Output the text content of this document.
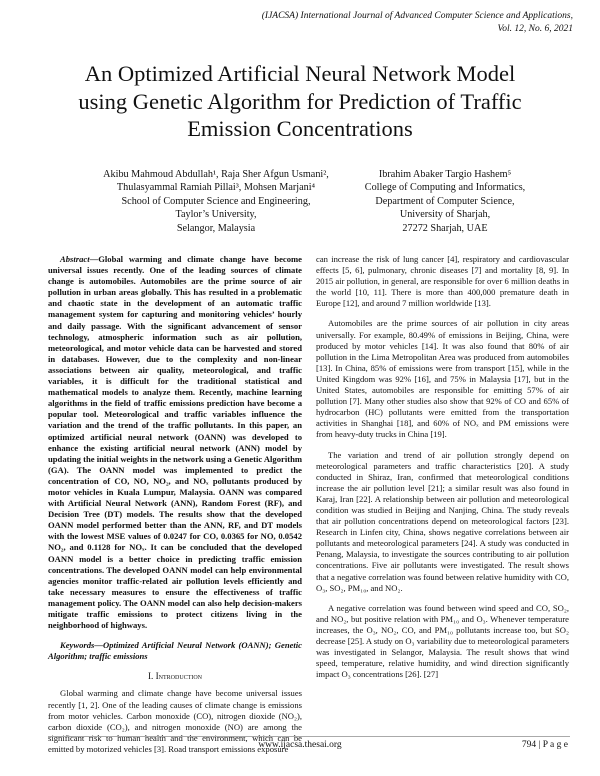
(IJACSA) International Journal of Advanced Computer Science and Applications,
Vol. 12, No. 6, 2021
An Optimized Artificial Neural Network Model
using Genetic Algorithm for Prediction of Traffic
Emission Concentrations
Akibu Mahmoud Abdullah¹, Raja Sher Afgun Usmani²,
Thulasyammal Ramiah Pillai³, Mohsen Marjani⁴
School of Computer Science and Engineering,
Taylor’s University,
Selangor, Malaysia
Ibrahim Abaker Targio Hashem⁵
College of Computing and Informatics,
Department of Computer Science,
University of Sharjah,
27272 Sharjah, UAE

Abstract—Global warming and climate change have become universal issues recently. One of the leading sources of climate change is automobiles. Automobiles are the prime source of air pollution in urban areas globally. This has resulted in a problematic and chaotic state in the development of an automatic traffic management system for capturing and monitoring vehicles’ hourly and daily passage. With the significant advancement of sensor technology, atmospheric information such as air pollution, meteorological, and motor vehicle data can be harvested and stored in databases. However, due to the complexity and non-linear associations between air quality, meteorological, and traffic variables, it is difficult for the traditional statistical and mathematical models to analyze them. Recently, machine learning algorithms in the field of traffic emissions prediction have become a popular tool. Meteorological and traffic variables influence the variation and the trend of the traffic pollutants. In this paper, an optimized artificial neural network (OANN) was developed to enhance the existing artificial neural network (ANN) model by updating the initial weights in the network using a Genetic Algorithm (GA). The OANN model was implemented to predict the concentration of CO, NO, NO₂, and NOₓ pollutants produced by motor vehicles in Kuala Lumpur, Malaysia. OANN was compared with Artificial Neural Network (ANN), Random Forest (RF), and Decision Tree (DT) models. The results show that the developed OANN model performed better than the ANN, RF, and DT models with the lowest MSE values of 0.0247 for CO, 0.0365 for NO, 0.0542 NO₂, and 0.1128 for NOₓ. It can be concluded that the developed OANN model is a better choice in predicting traffic emission concentrations. The developed OANN model can help environmental agencies monitor traffic-related air pollution levels efficiently and take necessary measures to ensure the effectiveness of traffic management policy. The OANN model can also help decision-makers mitigate traffic emissions to protect citizens living in the neighborhood of highways.

Keywords—Optimized Artificial Neural Network (OANN); Genetic Algorithm; traffic emissions

I. Introduction

Global warming and climate change have become universal issues recently [1, 2]. One of the leading causes of climate change is emissions from motor vehicles. Carbon monoxide (CO), nitrogen dioxide (NO₂), carbon dioxide (CO₂), and nitrogen monoxide (NO) are among the significant risk to human health and the environment, which can be emitted by motorized vehicles [3]. Road transport emissions exposure

can increase the risk of lung cancer [4], respiratory and cardiovascular effects [5, 6], pulmonary, chronic diseases [7] and mortality [8, 9]. In 2015 air pollution, in general, are responsible for over 6 million deaths in the world [10, 11]. There is more than 400,000 premature death in Europe [12], and around 7 million worldwide [13].

Automobiles are the prime sources of air pollution in city areas universally. For example, 80.49% of emissions in Beijing, China, were produced by motor vehicles [14]. It was also found that 80% of air pollution in the Lima Metropolitan Area was produced from automobiles [13]. In China, 85% of emissions were from transport [15], while in the United Kingdom was 92% [16], and 75% in Malaysia [17], but in the United States, automobiles are responsible for emitting 57% of air pollution [7]. Many other studies also show that 92% of CO and 65% of hydrocarbon (HC) pollutants were emitted from the transportation activities in Shanghai [18], and 60% of NOₓ and PM emissions were from heavy-duty trucks in China [19].

The variation and trend of air pollution strongly depend on meteorological parameters and traffic characteristics [20]. A study conducted in Shiraz, Iran, confirmed that meteorological conditions increase the air pollution level [21]; a similar result was also found in Karaj, Iran [22]. A relationship between air pollution and meteorological condition was studied in Beijing and Nanjing, China. The study reveals that air pollution concentrations depend on meteorological factors [23]. Research in Linfen city, China, shows negative correlations between air pollutants and meteorological parameters [24]. A study was conducted in Penang, Malaysia, to investigate the sources contributing to air pollution concentrations. Five air pollutants were investigated. The result shows that a negative correlation was found between relative humidity with CO, O₃, SO₂, PM₁₀, and NO₂.

A negative correlation was found between wind speed and CO, SO₂, and NO₂, but positive relation with PM₁₀ and O₃. Whenever temperature increases, the O₃, NO₂, CO, and PM₁₀ pollutants increase too, but SO₂ decrease [25]. A study on O₃ variability due to meteorological parameters was investigated in Selangor, Malaysia. The result shows that wind speed, temperature, relative humidity, and wind direction significantly impact O₃ concentrations [26]. [27]

www.ijacsa.thesai.org	794 | P a g e
